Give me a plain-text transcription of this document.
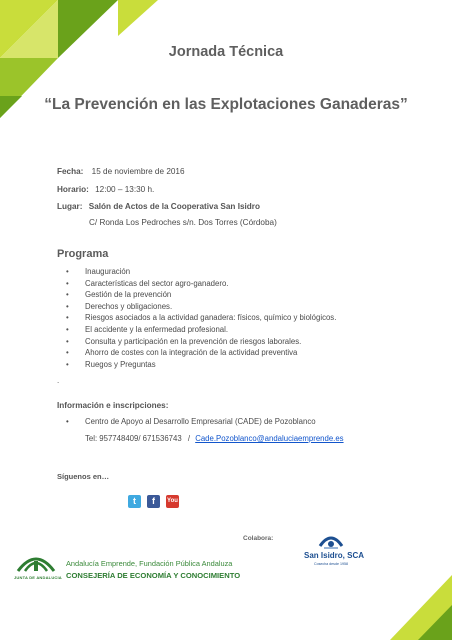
Jornada Técnica
“La Prevención en las Explotaciones Ganaderas”
Fecha: 15 de noviembre de 2016
Horario: 12:00 – 13:30 h.
Lugar: Salón de Actos de la Cooperativa San Isidro
C/ Ronda Los Pedroches s/n. Dos Torres (Córdoba)
Programa
• Inauguración
• Características del sector agro-ganadero.
• Gestión de la prevención
• Derechos y obligaciones.
• Riesgos asociados a la actividad ganadera: físicos, químico y biológicos.
• El accidente y la enfermedad profesional.
• Consulta y participación en la prevención de riesgos laborales.
• Ahorro de costes con la integración de la actividad preventiva
• Ruegos y Preguntas
.
Información e inscripciones:
• Centro de Apoyo al Desarrollo Empresarial (CADE) de Pozoblanco
Tel: 957748409/ 671536743 / Cade.Pozoblanco@andaluciaemprende.es
Síguenos en…
t	f	You
Colabora:
JUNTA DE ANDALUCIA
Andalucía Emprende, Fundación Pública Andaluza
CONSEJERÍA DE ECONOMÍA Y CONOCIMIENTO
San Isidro, SCA
Cosecha desde 1958
